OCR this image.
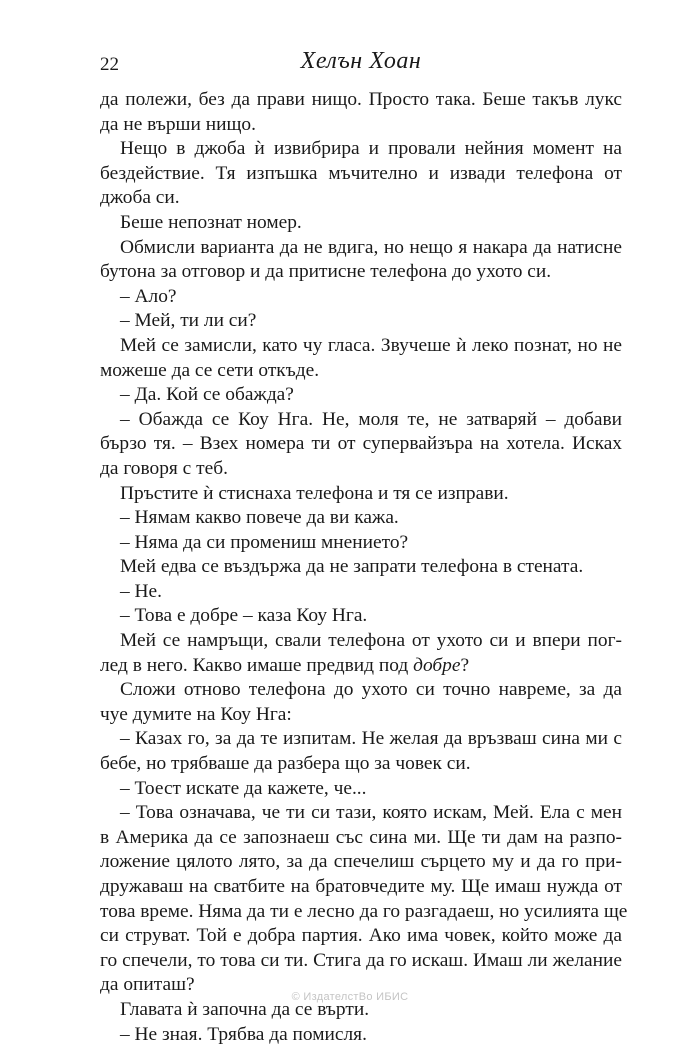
22	Хелън Хоан
да полежи, без да прави нищо. Просто така. Беше такъв лукс
да не върши нищо.
Нещо в джоба ѝ извибрира и провали нейния момент на
бездействие. Тя изпъшка мъчително и извади телефона от
джоба си.
Беше непознат номер.
Обмисли варианта да не вдига, но нещо я накара да натисне
бутона за отговор и да притисне телефона до ухото си.
– Ало?
– Мей, ти ли си?
Мей се замисли, като чу гласа. Звучеше ѝ леко познат, но не
можеше да се сети откъде.
– Да. Кой се обажда?
– Обажда се Коу Нга. Не, моля те, не затваряй – добави
бързо тя. – Взех номера ти от супервайзъра на хотела. Исках
да говоря с теб.
Пръстите ѝ стиснаха телефона и тя се изправи.
– Нямам какво повече да ви кажа.
– Няма да си промениш мнението?
Мей едва се въздържа да не запрати телефона в стената.
– Не.
– Това е добре – каза Коу Нга.
Мей се намръщи, свали телефона от ухото си и впери пог-
лед в него. Какво имаше предвид под добре?
Сложи отново телефона до ухото си точно навреме, за да
чуе думите на Коу Нга:
– Казах го, за да те изпитам. Не желая да връзваш сина ми с
бебе, но трябваше да разбера що за човек си.
– Тоест искате да кажете, че...
– Това означава, че ти си тази, която искам, Мей. Ела с мен
в Америка да се запознаеш със сина ми. Ще ти дам на разпо-
ложение цялото лято, за да спечелиш сърцето му и да го при-
дружаваш на сватбите на братовчедите му. Ще имаш нужда от
това време. Няма да ти е лесно да го разгадаеш, но усилията ще
си струват. Той е добра партия. Ако има човек, който може да
го спечели, то това си ти. Стига да го искаш. Имаш ли желание
да опиташ?
Главата ѝ започна да се върти.
– Не зная. Трябва да помисля.
© ИздателстВо ИБИС
